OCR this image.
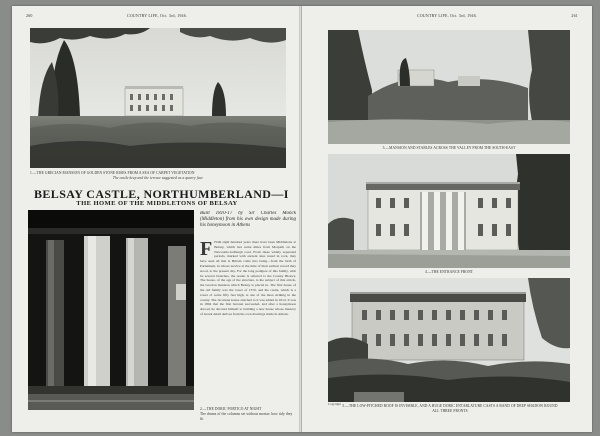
260	COUNTRY LIFE, Oct. 3rd, 1946.
1.—THE GRECIAN MANSION OF GOLDEN STONE RISES FROM A SEA OF CARPET VEGETATION
The castle keep and the terrace suggested as a quarry face
BELSAY CASTLE, NORTHUMBERLAND—I
THE HOME OF THE MIDDLETONS OF BELSAY
2.—THE DORIC PORTICO AT NIGHT
The drums of the columns set without mortar: how tidy they fit
Built 1810-17 by Sir Charles Monck (Middleton) from his own design made during his honeymoon in Athens
FFOR eight hundred years there have been Middletons at Belsay, which lies some miles from Morpeth on the Newcastle-Jedburgh road. From these widely separated periods, marked with ancient sites noted in rock, they have seen all that is Britain come into being—from the birth of Parliament, in whose service at the time of their earliest record they stood, to the present day. For the long pedigree of this family, with its several branches, the reader is referred to the County History. The house, of the age of the structure, is the subject of this article, the Grecian mansion which Belsay is placed in. The first house of the old family was the tower of 1370, and the castle, which is a tower of some fifty feet high, is one of the most striking in the county. The Jacobean house attached to it was added in 1614. It was in 1804 that the first baronet succeeded, and after a honeymoon abroad, he devoted himself to building a new house whose mastery of Greek detail derives from his own drawings made in Athens.
COUNTRY LIFE, Oct. 3rd, 1946.	261
3.—MANSION AND STABLES ACROSS THE VALLEY FROM THE SOUTH-EAST
4.—THE ENTRANCE FRONT
Copyright 5.—THE LOW-PITCHED ROOF IS INVISIBLE, AND A HUGE DORIC ENTABLATURE CASTS A BAND OF DEEP SHADOW ROUND ALL THREE FRONTS
